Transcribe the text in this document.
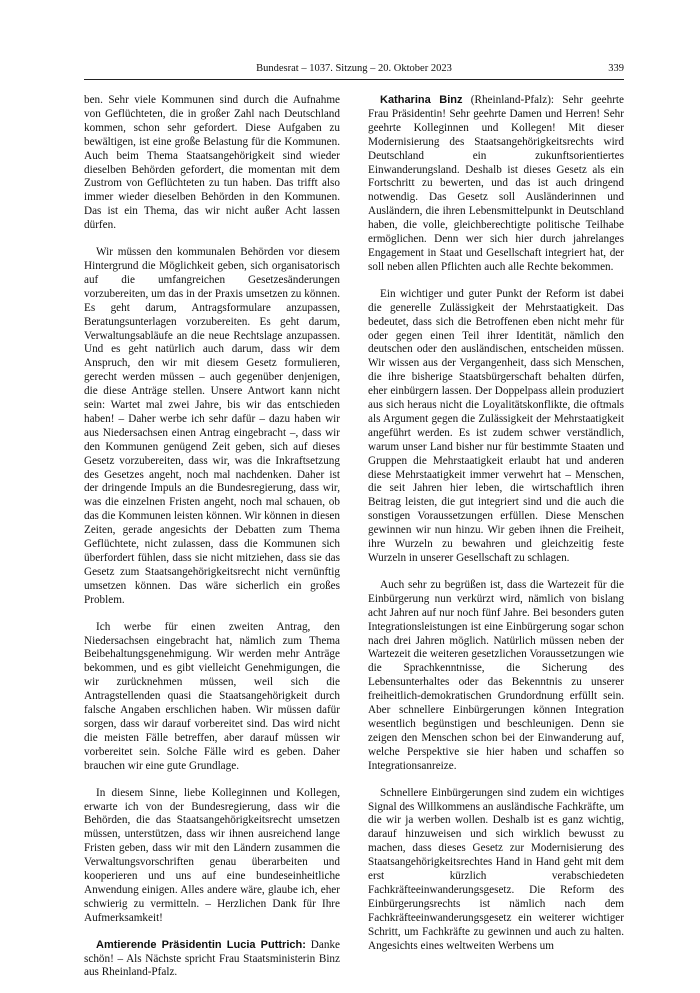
Bundesrat – 1037. Sitzung – 20. Oktober 2023	339

ben. Sehr viele Kommunen sind durch die Aufnahme von Geflüchteten, die in großer Zahl nach Deutschland kommen, schon sehr gefordert. Diese Aufgaben zu bewältigen, ist eine große Belastung für die Kommunen. Auch beim Thema Staatsangehörigkeit sind wieder dieselben Behörden gefordert, die momentan mit dem Zustrom von Geflüchteten zu tun haben. Das trifft also immer wieder dieselben Behörden in den Kommunen. Das ist ein Thema, das wir nicht außer Acht lassen dürfen.

Wir müssen den kommunalen Behörden vor diesem Hintergrund die Möglichkeit geben, sich organisatorisch auf die umfangreichen Gesetzesänderungen vorzubereiten, um das in der Praxis umsetzen zu können. Es geht darum, Antragsformulare anzupassen, Beratungsunterlagen vorzubereiten. Es geht darum, Verwaltungsabläufe an die neue Rechtslage anzupassen. Und es geht natürlich auch darum, dass wir dem Anspruch, den wir mit diesem Gesetz formulieren, gerecht werden müssen – auch gegenüber denjenigen, die diese Anträge stellen. Unsere Antwort kann nicht sein: Wartet mal zwei Jahre, bis wir das entschieden haben! – Daher werbe ich sehr dafür – dazu haben wir aus Niedersachsen einen Antrag eingebracht –, dass wir den Kommunen genügend Zeit geben, sich auf dieses Gesetz vorzubereiten, dass wir, was die Inkraftsetzung des Gesetzes angeht, noch mal nachdenken. Daher ist der dringende Impuls an die Bundesregierung, dass wir, was die einzelnen Fristen angeht, noch mal schauen, ob das die Kommunen leisten können. Wir können in diesen Zeiten, gerade angesichts der Debatten zum Thema Geflüchtete, nicht zulassen, dass die Kommunen sich überfordert fühlen, dass sie nicht mitziehen, dass sie das Gesetz zum Staatsangehörigkeitsrecht nicht vernünftig umsetzen können. Das wäre sicherlich ein großes Problem.

Ich werbe für einen zweiten Antrag, den Niedersachsen eingebracht hat, nämlich zum Thema Beibehaltungsgenehmigung. Wir werden mehr Anträge bekommen, und es gibt vielleicht Genehmigungen, die wir zurücknehmen müssen, weil sich die Antragstellenden quasi die Staatsangehörigkeit durch falsche Angaben erschlichen haben. Wir müssen dafür sorgen, dass wir darauf vorbereitet sind. Das wird nicht die meisten Fälle betreffen, aber darauf müssen wir vorbereitet sein. Solche Fälle wird es geben. Daher brauchen wir eine gute Grundlage.

In diesem Sinne, liebe Kolleginnen und Kollegen, erwarte ich von der Bundesregierung, dass wir die Behörden, die das Staatsangehörigkeitsrecht umsetzen müssen, unterstützen, dass wir ihnen ausreichend lange Fristen geben, dass wir mit den Ländern zusammen die Verwaltungsvorschriften genau überarbeiten und kooperieren und uns auf eine bundeseinheitliche Anwendung einigen. Alles andere wäre, glaube ich, eher schwierig zu vermitteln. – Herzlichen Dank für Ihre Aufmerksamkeit!

Amtierende Präsidentin Lucia Puttrich: Danke schön! – Als Nächste spricht Frau Staatsministerin Binz aus Rheinland-Pfalz.

Katharina Binz (Rheinland-Pfalz): Sehr geehrte Frau Präsidentin! Sehr geehrte Damen und Herren! Sehr geehrte Kolleginnen und Kollegen! Mit dieser Modernisierung des Staatsangehörigkeitsrechts wird Deutschland ein zukunftsorientiertes Einwanderungsland. Deshalb ist dieses Gesetz als ein Fortschritt zu bewerten, und das ist auch dringend notwendig. Das Gesetz soll Ausländerinnen und Ausländern, die ihren Lebensmittelpunkt in Deutschland haben, die volle, gleichberechtigte politische Teilhabe ermöglichen. Denn wer sich hier durch jahrelanges Engagement in Staat und Gesellschaft integriert hat, der soll neben allen Pflichten auch alle Rechte bekommen.

Ein wichtiger und guter Punkt der Reform ist dabei die generelle Zulässigkeit der Mehrstaatigkeit. Das bedeutet, dass sich die Betroffenen eben nicht mehr für oder gegen einen Teil ihrer Identität, nämlich den deutschen oder den ausländischen, entscheiden müssen. Wir wissen aus der Vergangenheit, dass sich Menschen, die ihre bisherige Staatsbürgerschaft behalten dürfen, eher einbürgern lassen. Der Doppelpass allein produziert aus sich heraus nicht die Loyalitätskonflikte, die oftmals als Argument gegen die Zulässigkeit der Mehrstaatigkeit angeführt werden. Es ist zudem schwer verständlich, warum unser Land bisher nur für bestimmte Staaten und Gruppen die Mehrstaatigkeit erlaubt hat und anderen diese Mehrstaatigkeit immer verwehrt hat – Menschen, die seit Jahren hier leben, die wirtschaftlich ihren Beitrag leisten, die gut integriert sind und die auch die sonstigen Voraussetzungen erfüllen. Diese Menschen gewinnen wir nun hinzu. Wir geben ihnen die Freiheit, ihre Wurzeln zu bewahren und gleichzeitig feste Wurzeln in unserer Gesellschaft zu schlagen.

Auch sehr zu begrüßen ist, dass die Wartezeit für die Einbürgerung nun verkürzt wird, nämlich von bislang acht Jahren auf nur noch fünf Jahre. Bei besonders guten Integrationsleistungen ist eine Einbürgerung sogar schon nach drei Jahren möglich. Natürlich müssen neben der Wartezeit die weiteren gesetzlichen Voraussetzungen wie die Sprachkenntnisse, die Sicherung des Lebensunterhaltes oder das Bekenntnis zu unserer freiheitlich-demokratischen Grundordnung erfüllt sein. Aber schnellere Einbürgerungen können Integration wesentlich begünstigen und beschleunigen. Denn sie zeigen den Menschen schon bei der Einwanderung auf, welche Perspektive sie hier haben und schaffen so Integrationsanreize.

Schnellere Einbürgerungen sind zudem ein wichtiges Signal des Willkommens an ausländische Fachkräfte, um die wir ja werben wollen. Deshalb ist es ganz wichtig, darauf hinzuweisen und sich wirklich bewusst zu machen, dass dieses Gesetz zur Modernisierung des Staatsangehörigkeitsrechtes Hand in Hand geht mit dem erst kürzlich verabschiedeten Fachkräfteeinwanderungsgesetz. Die Reform des Einbürgerungsrechts ist nämlich nach dem Fachkräfteeinwanderungsgesetz ein weiterer wichtiger Schritt, um Fachkräfte zu gewinnen und auch zu halten. Angesichts eines weltweiten Werbens um
